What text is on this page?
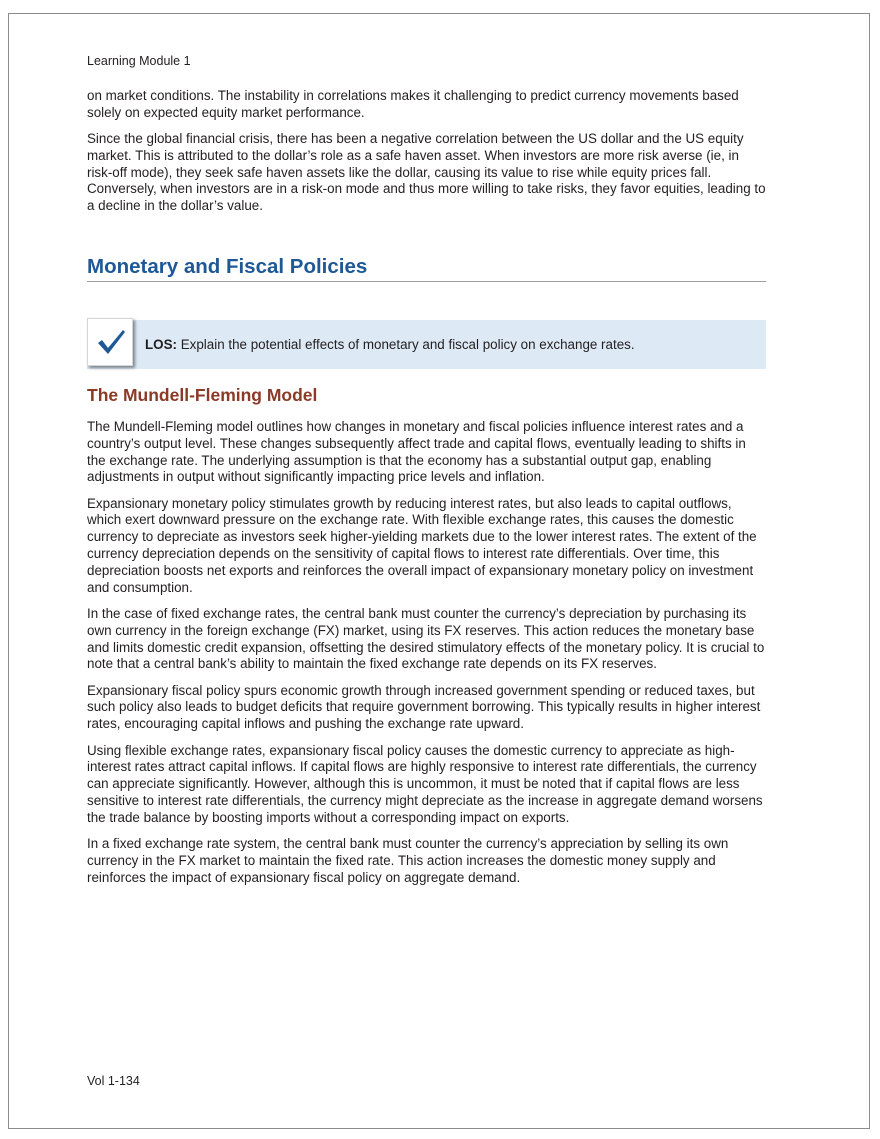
Learning Module 1

on market conditions. The instability in correlations makes it challenging to predict currency movements based solely on expected equity market performance.

Since the global financial crisis, there has been a negative correlation between the US dollar and the US equity market. This is attributed to the dollar’s role as a safe haven asset. When investors are more risk averse (ie, in risk-off mode), they seek safe haven assets like the dollar, causing its value to rise while equity prices fall. Conversely, when investors are in a risk-on mode and thus more willing to take risks, they favor equities, leading to a decline in the dollar’s value.

Monetary and Fiscal Policies
LOS: Explain the potential effects of monetary and fiscal policy on exchange rates.
The Mundell-Fleming Model

The Mundell-Fleming model outlines how changes in monetary and fiscal policies influence interest rates and a country’s output level. These changes subsequently affect trade and capital flows, eventually leading to shifts in the exchange rate. The underlying assumption is that the economy has a substantial output gap, enabling adjustments in output without significantly impacting price levels and inflation.

Expansionary monetary policy stimulates growth by reducing interest rates, but also leads to capital outflows, which exert downward pressure on the exchange rate. With flexible exchange rates, this causes the domestic currency to depreciate as investors seek higher-yielding markets due to the lower interest rates. The extent of the currency depreciation depends on the sensitivity of capital flows to interest rate differentials. Over time, this depreciation boosts net exports and reinforces the overall impact of expansionary monetary policy on investment and consumption.

In the case of fixed exchange rates, the central bank must counter the currency’s depreciation by purchasing its own currency in the foreign exchange (FX) market, using its FX reserves. This action reduces the monetary base and limits domestic credit expansion, offsetting the desired stimulatory effects of the monetary policy. It is crucial to note that a central bank’s ability to maintain the fixed exchange rate depends on its FX reserves.

Expansionary fiscal policy spurs economic growth through increased government spending or reduced taxes, but such policy also leads to budget deficits that require government borrowing. This typically results in higher interest rates, encouraging capital inflows and pushing the exchange rate upward.

Using flexible exchange rates, expansionary fiscal policy causes the domestic currency to appreciate as high-interest rates attract capital inflows. If capital flows are highly responsive to interest rate differentials, the currency can appreciate significantly. However, although this is uncommon, it must be noted that if capital flows are less sensitive to interest rate differentials, the currency might depreciate as the increase in aggregate demand worsens the trade balance by boosting imports without a corresponding impact on exports.

In a fixed exchange rate system, the central bank must counter the currency’s appreciation by selling its own currency in the FX market to maintain the fixed rate. This action increases the domestic money supply and reinforces the impact of expansionary fiscal policy on aggregate demand.

Vol 1-134
